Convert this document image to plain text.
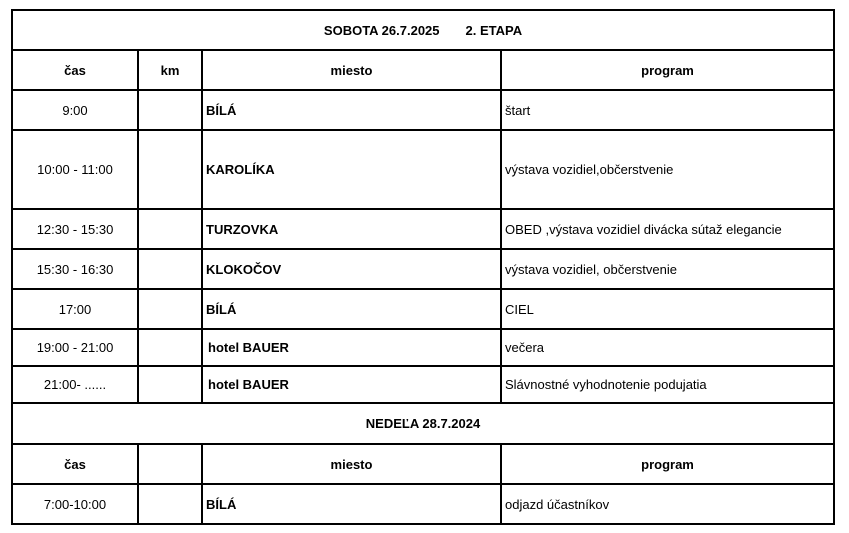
SOBOTA 26.7.2025 2. ETAPA			
čas	km	miesto	program
9:00		BÍLÁ	štart
10:00 - 11:00		KAROLÍKA	výstava vozidiel,občerstvenie
12:30 - 15:30		TURZOVKA	OBED ,výstava vozidiel divácka sútaž elegancie
15:30 - 16:30		KLOKOČOV	výstava vozidiel, občerstvenie
17:00		BÍLÁ	CIEL
19:00 - 21:00		hotel BAUER	večera
21:00- ......		hotel BAUER	Slávnostné vyhodnotenie podujatia
NEDEĽA 28.7.2024			
čas		miesto	program
7:00-10:00		BÍLÁ	odjazd účastníkov
